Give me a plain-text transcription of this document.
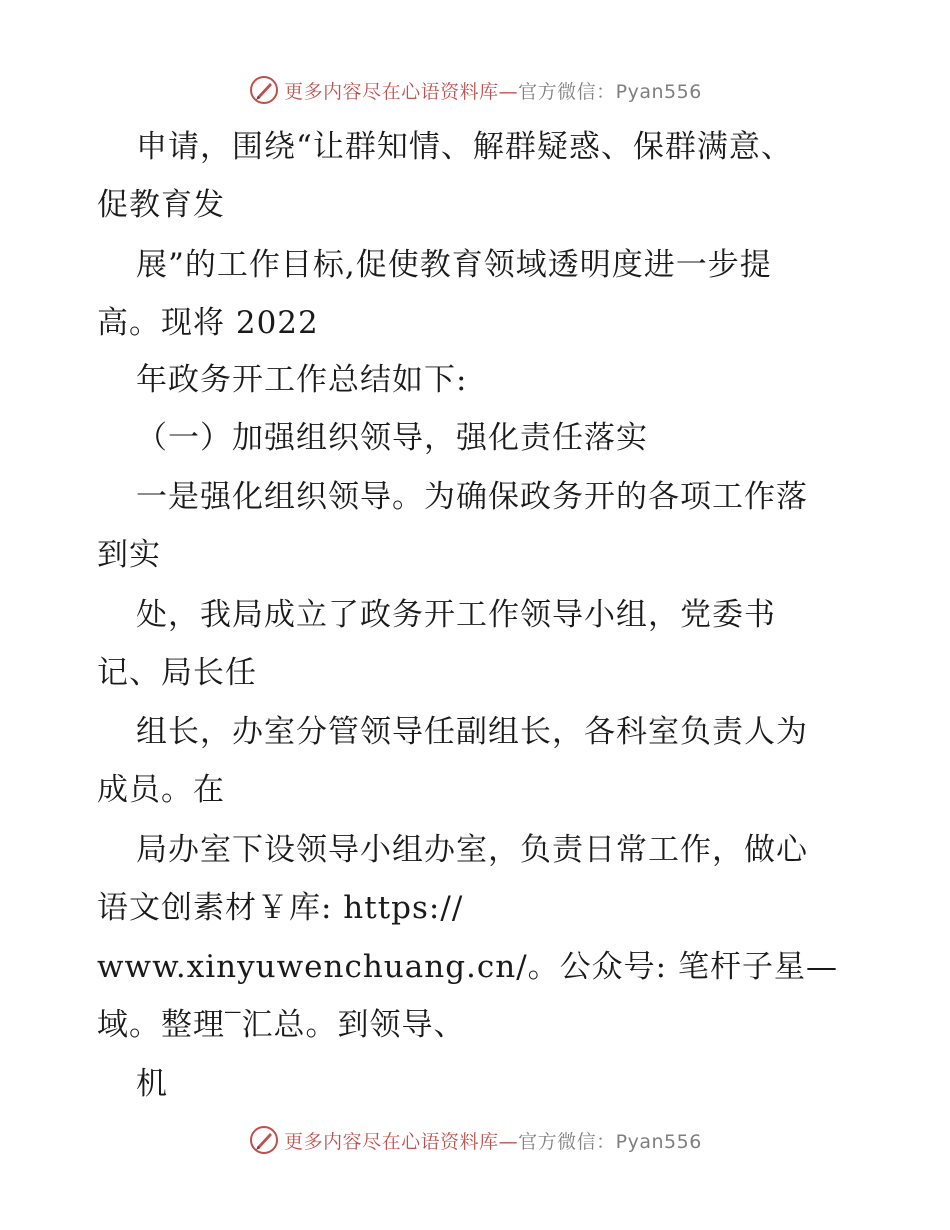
更多内容尽在心语资料库—官方微信：Pyan556
申请，围绕“让群知情、解群疑惑、保群满意、
促教育发
展”的工作目标,促使教育领域透明度进一步提
高。现将 2022
年政务开工作总结如下:
（一）加强组织领导，强化责任落实
一是强化组织领导。为确保政务开的各项工作落
到实
处，我局成立了政务开工作领导小组，党委书
记、局长任
组长，办室分管领导任副组长，各科室负责人为
成员。在
局办室下设领导小组办室，负责日常工作，做心
语文创素材￥库: https://
www.xinyuwenchuang.cn/。公众号: 笔杆子星—
域。整理‾汇总。到领导、
机
更多内容尽在心语资料库—官方微信：Pyan556
